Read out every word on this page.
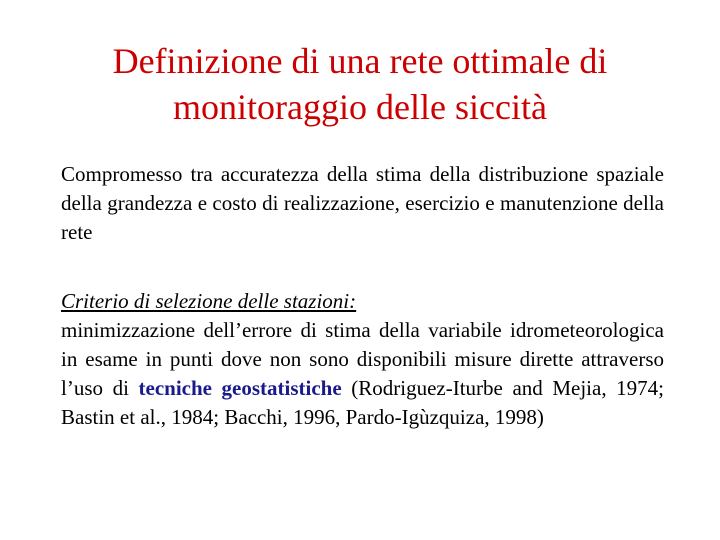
Definizione di una rete ottimale di
monitoraggio delle siccità

Compromesso tra accuratezza della stima della distribuzione spaziale della grandezza e costo di realizzazione, esercizio e manutenzione della rete

Criterio di selezione delle stazioni:
minimizzazione dell’errore di stima della variabile idrometeorologica in esame in punti dove non sono disponibili misure dirette attraverso l’uso di tecniche geostatistiche (Rodriguez-Iturbe and Mejia, 1974; Bastin et al., 1984; Bacchi, 1996, Pardo-Igùzquiza, 1998)
